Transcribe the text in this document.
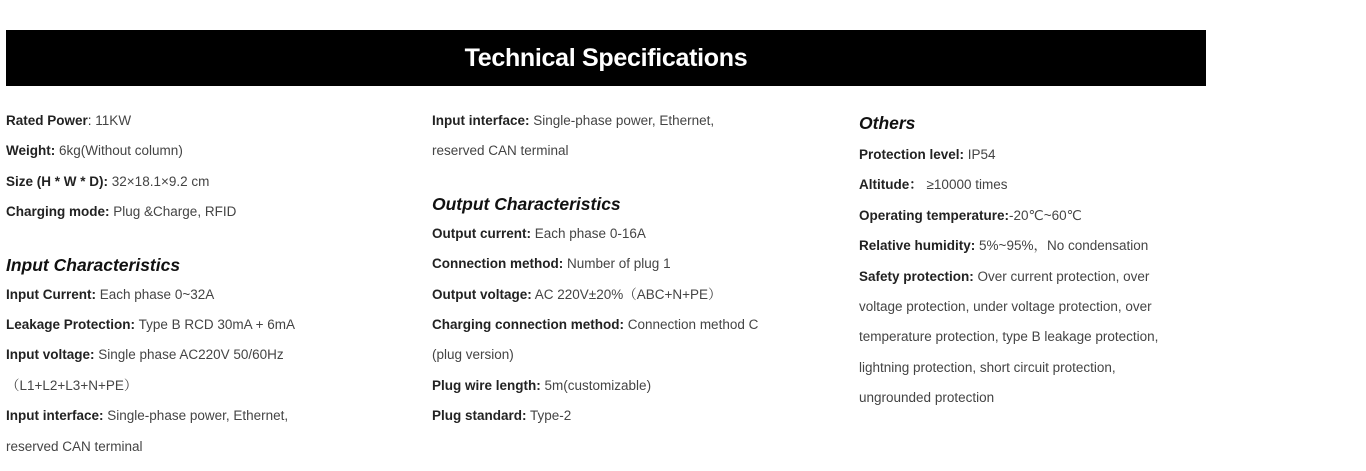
Technical Specifications
Rated Power: 11KW
Weight: 6kg(Without column)
Size (H * W * D): 32×18.1×9.2 cm
Charging mode: Plug &Charge, RFID
Input Characteristics
Input Current: Each phase 0~32A
Leakage Protection: Type B RCD 30mA + 6mA
Input voltage: Single phase AC220V 50/60Hz
（L1+L2+L3+N+PE）
Input interface: Single-phase power, Ethernet,
reserved CAN terminal
Input interface: Single-phase power, Ethernet,
reserved CAN terminal
Output Characteristics
Output current: Each phase 0-16A
Connection method: Number of plug 1
Output voltage: AC 220V±20%（ABC+N+PE）
Charging connection method: Connection method C
(plug version)
Plug wire length: 5m(customizable)
Plug standard: Type-2
Others
Protection level: IP54
Altitude： ≥10000 times
Operating temperature:-20℃~60℃
Relative humidity: 5%~95%，No condensation
Safety protection: Over current protection, over
voltage protection, under voltage protection, over
temperature protection, type B leakage protection,
lightning protection, short circuit protection,
ungrounded protection
